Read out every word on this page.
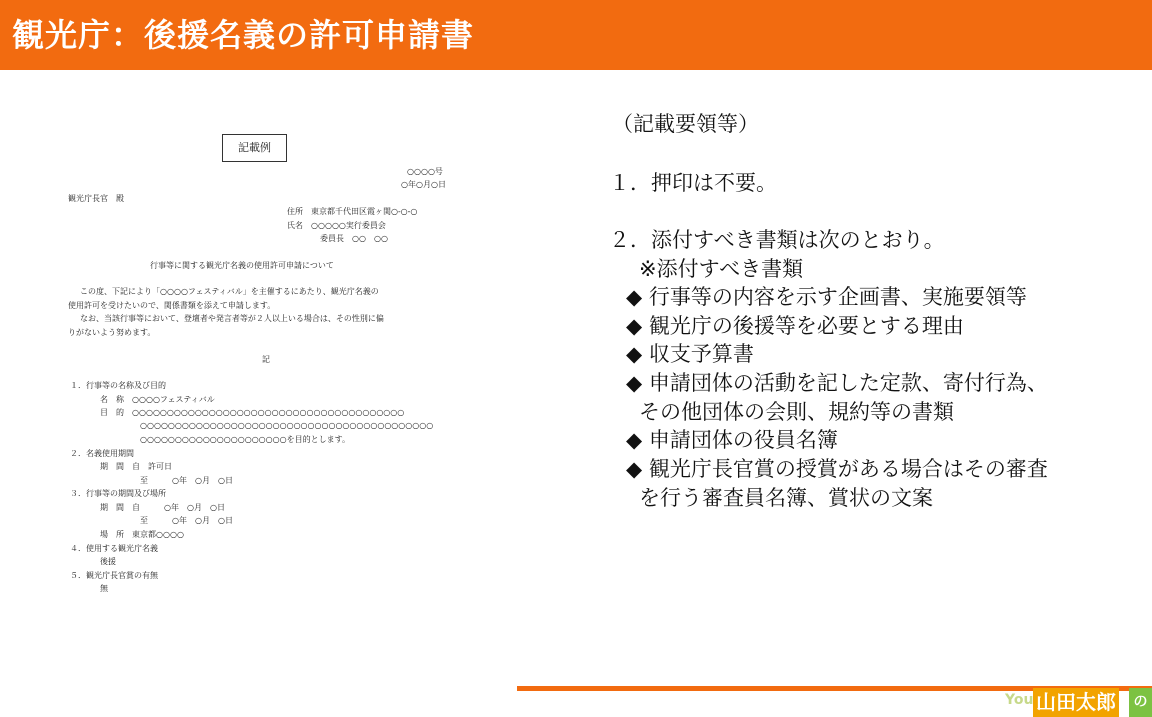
観光庁：後援名義の許可申請書
記載例
○○○○号
○年○月○日
観光庁長官　殿
住所　東京都千代田区霞ヶ関○-○-○
氏名　○○○○○実行委員会
委員長　○○　○○
行事等に関する観光庁名義の使用許可申請について
この度、下記により「○○○○フェスティバル」を主催するにあたり、観光庁名義の
使用許可を受けたいので、関係書類を添えて申請します。
なお、当該行事等において、登壇者や発言者等が２人以上いる場合は、その性別に偏
りがないよう努めます。
記
１．行事等の名称及び目的
名　称　○○○○フェスティバル
目　的　○○○○○○○○○○○○○○○○○○○○○○○○○○○○○○○○○○○○○○○
○○○○○○○○○○○○○○○○○○○○○○○○○○○○○○○○○○○○○○○○○○
○○○○○○○○○○○○○○○○○○○○○を目的とします。
２．名義使用期間
期　間　自　許可日
至　　　○年　○月　○日
３．行事等の期間及び場所
期　間　自　　　○年　○月　○日
至　　　○年　○月　○日
場　所　東京都○○○○
４．使用する観光庁名義
後援
５．観光庁長官賞の有無
無
（記載要領等）
１．押印は不要。
２．添付すべき書類は次のとおり。
※添付すべき書類
◆ 行事等の内容を示す企画書、実施要領等
◆ 観光庁の後援等を必要とする理由
◆ 収支予算書
◆ 申請団体の活動を記した定款、寄付行為、
その他団体の会則、規約等の書類
◆ 申請団体の役員名簿
◆ 観光庁長官賞の授賞がある場合はその審査
を行う審査員名簿、賞状の文案
You 山田太郎	の
